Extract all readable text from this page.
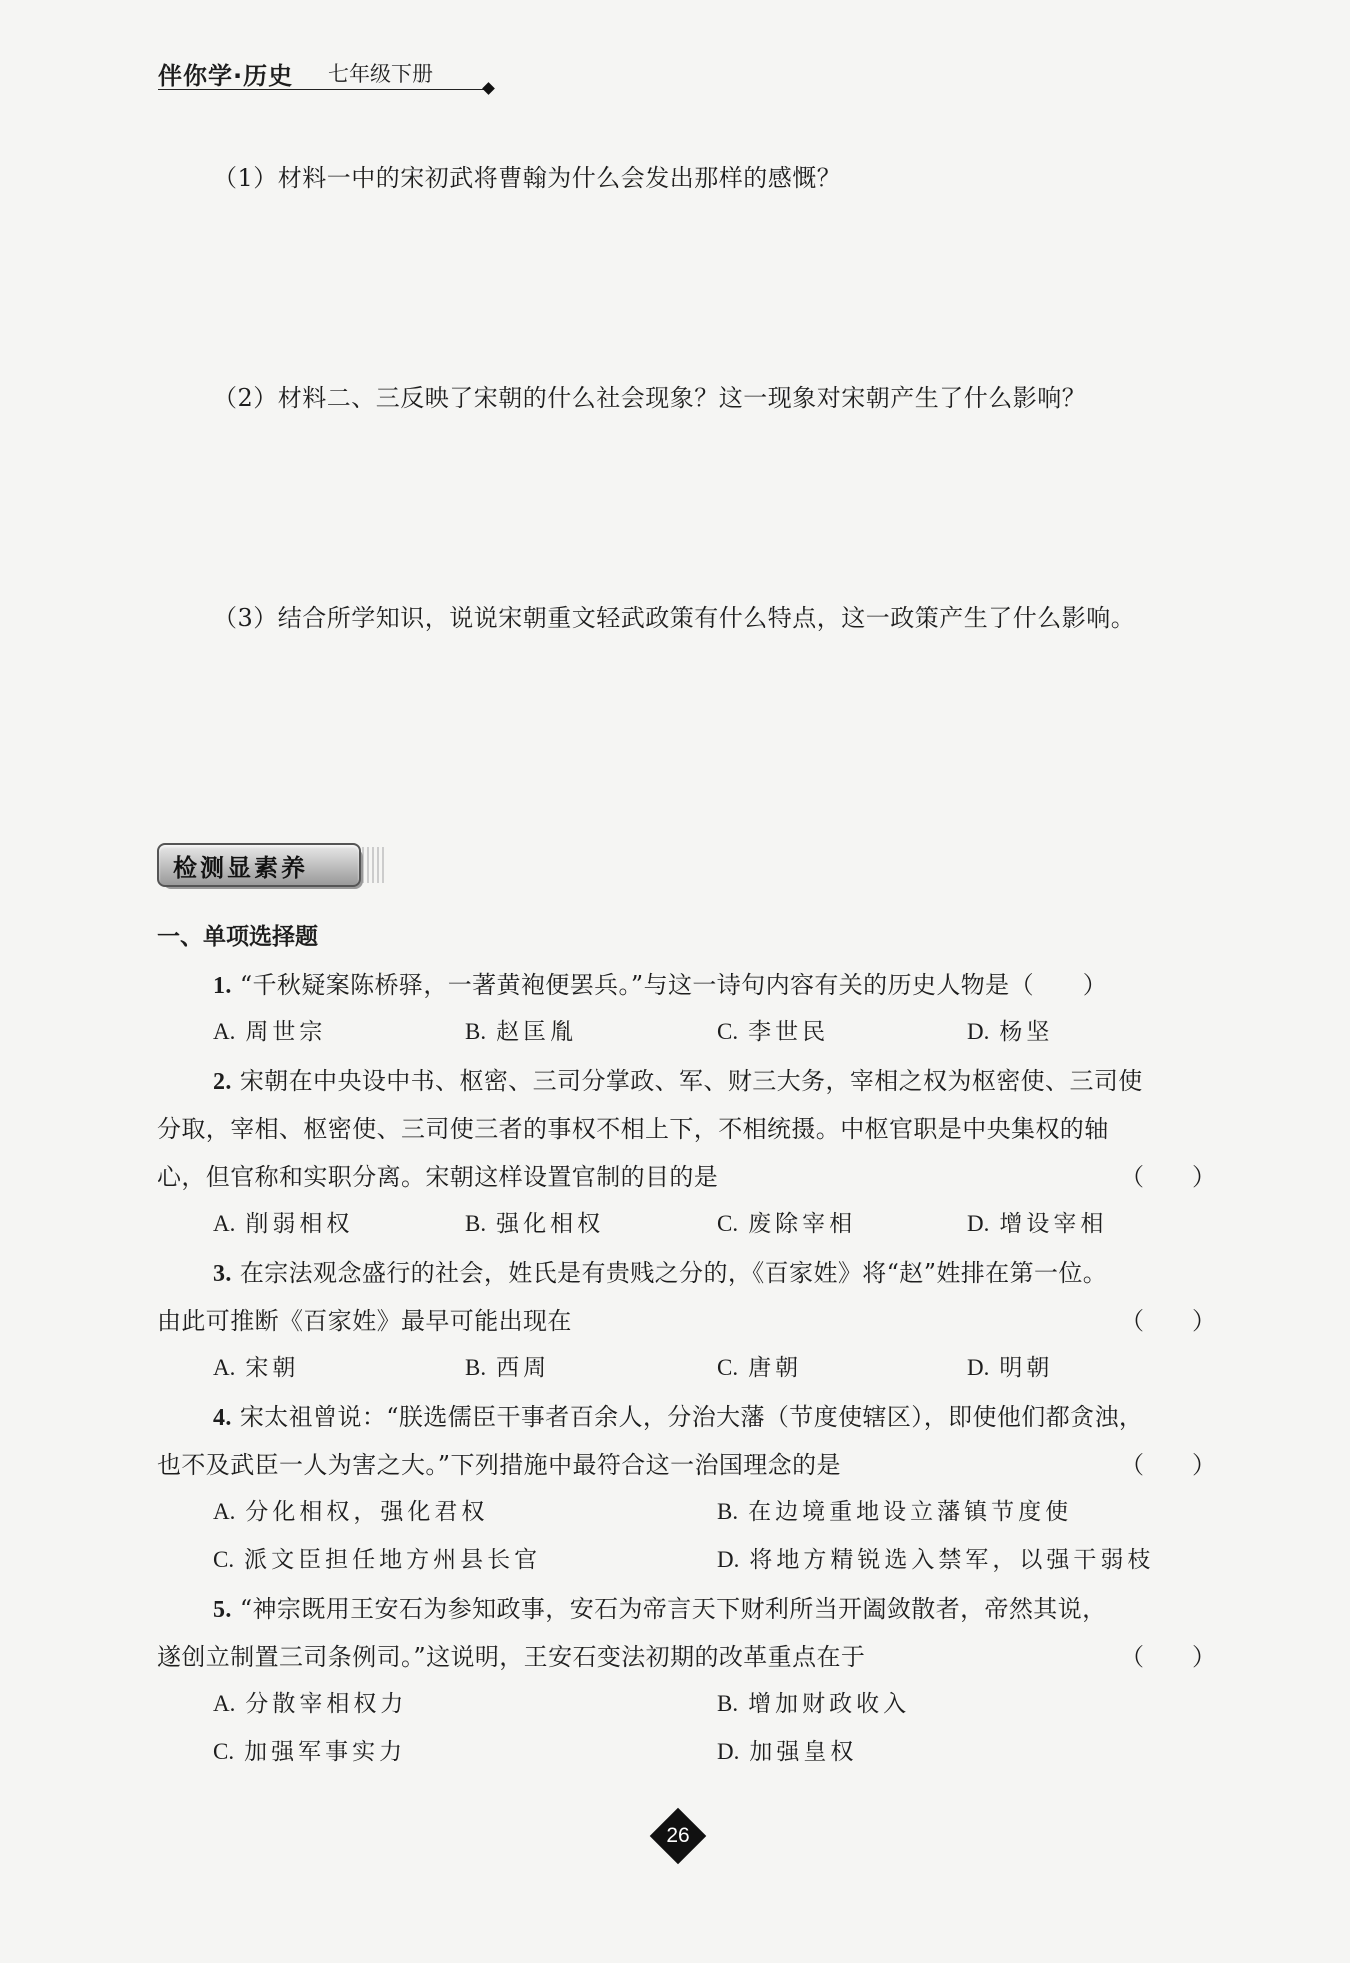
伴你学·历史 七年级下册
（1）材料一中的宋初武将曹翰为什么会发出那样的感慨？
（2）材料二、三反映了宋朝的什么社会现象？这一现象对宋朝产生了什么影响？
（3）结合所学知识，说说宋朝重文轻武政策有什么特点，这一政策产生了什么影响。
检测显素养
一、单项选择题
1. “千秋疑案陈桥驿，一著黄袍便罢兵。”与这一诗句内容有关的历史人物是（　　）
A. 周世宗	B. 赵匡胤	C. 李世民	D. 杨坚
2. 宋朝在中央设中书、枢密、三司分掌政、军、财三大务，宰相之权为枢密使、三司使
分取，宰相、枢密使、三司使三者的事权不相上下，不相统摄。中枢官职是中央集权的轴
心，但官称和实职分离。宋朝这样设置官制的目的是	（　　）
A. 削弱相权	B. 强化相权	C. 废除宰相	D. 增设宰相
3. 在宗法观念盛行的社会，姓氏是有贵贱之分的，《百家姓》将“赵”姓排在第一位。
由此可推断《百家姓》最早可能出现在	（　　）
A. 宋朝	B. 西周	C. 唐朝	D. 明朝
4. 宋太祖曾说：“朕选儒臣干事者百余人，分治大藩（节度使辖区），即使他们都贪浊，
也不及武臣一人为害之大。”下列措施中最符合这一治国理念的是	（　　）
A. 分化相权，强化君权	B. 在边境重地设立藩镇节度使
C. 派文臣担任地方州县长官	D. 将地方精锐选入禁军，以强干弱枝
5. “神宗既用王安石为参知政事，安石为帝言天下财利所当开阖敛散者，帝然其说，
遂创立制置三司条例司。”这说明，王安石变法初期的改革重点在于	（　　）
A. 分散宰相权力	B. 增加财政收入
C. 加强军事实力	D. 加强皇权
26
